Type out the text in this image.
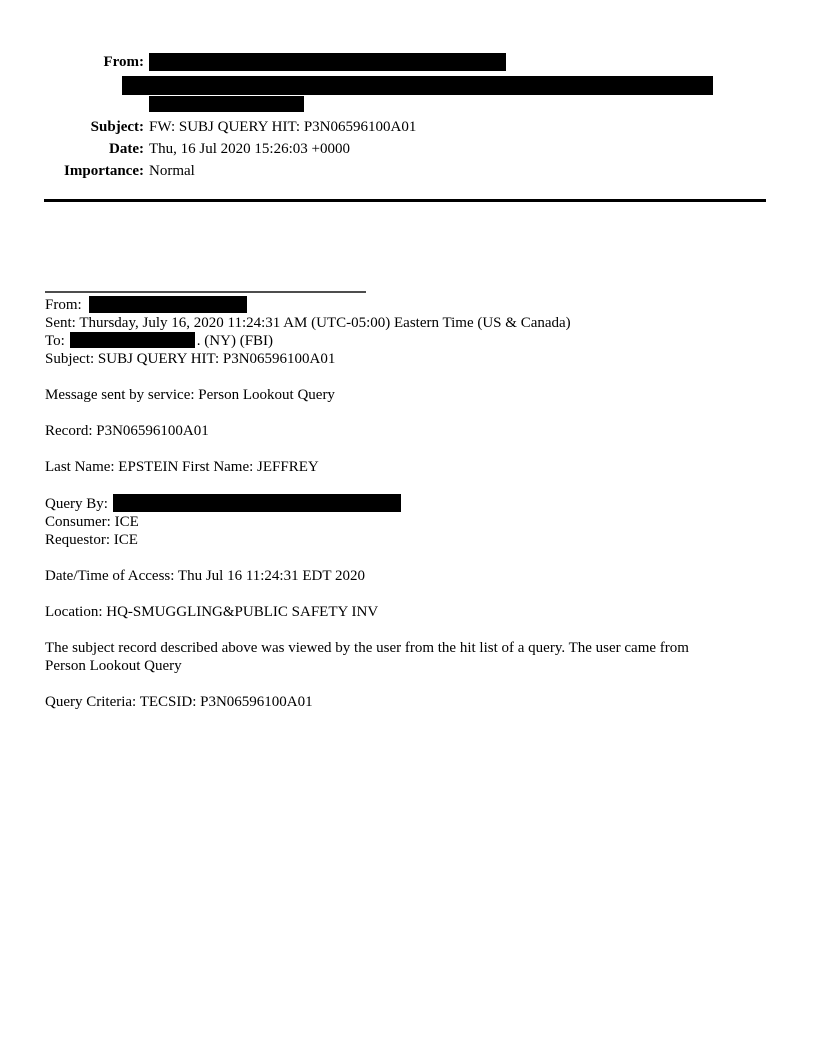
From:
Subject: FW: SUBJ QUERY HIT: P3N06596100A01
Date: Thu, 16 Jul 2020 15:26:03 +0000
Importance: Normal
From:
Sent: Thursday, July 16, 2020 11:24:31 AM (UTC-05:00) Eastern Time (US & Canada)
To:	. (NY) (FBI)
Subject: SUBJ QUERY HIT: P3N06596100A01
Message sent by service: Person Lookout Query
Record: P3N06596100A01
Last Name: EPSTEIN First Name: JEFFREY
Query By:
Consumer: ICE
Requestor: ICE
Date/Time of Access: Thu Jul 16 11:24:31 EDT 2020
Location: HQ-SMUGGLING&PUBLIC SAFETY INV
The subject record described above was viewed by the user from the hit list of a query. The user came from
Person Lookout Query
Query Criteria: TECSID: P3N06596100A01
